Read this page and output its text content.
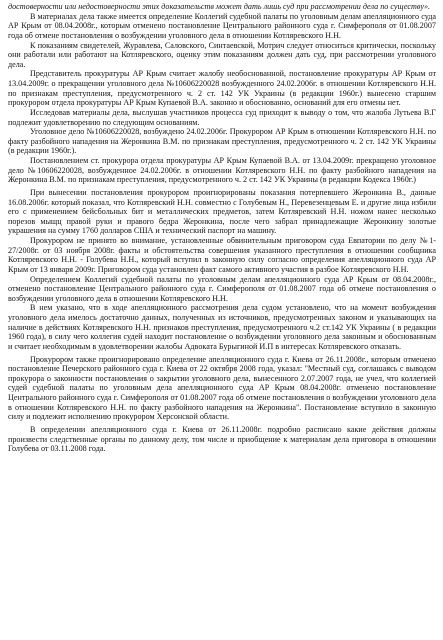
достоверности или недостоверности этих доказательств может дать лишь суд при рассмотрении дела по существу».

В материалах дела также имеется определение Коллегий судебной палаты по уголовным делам апелляционного суда АР Крым от 08.04.2008г., которым отменено постановление Центрального районного суда г. Симферополя от 01.08.2007 года об отмене постановления о возбуждении уголовного дела в отношении Котляревского Н.Н.

К показаниям свидетелей, Журавлева, Саловского, Синтаевской, Мотрич следует относиться критически, поскольку они работали или работают на Котляревского, оценку этим показаниям должен дать суд, при рассмотрении уголовного дела.

Представитель прокуратуры АР Крым считает жалобу необоснованной, постановление прокуратуры АР Крым от 13.04.2009г. о прекращении уголовного дела №10606220028 возбужденного 24.02.2006г. в отношении Котляревского Н.Н. по признакам преступления, предусмотренного ч. 2 ст. 142 УК Украины (в редакции 1960г.) вынесено старшим прокурором отдела прокуратуры АР Крым Купаевой В.А. законно и обоснованно, оснований для его отмены нет.

Исследовав материалы дела, выслушав участников процесса суд приходит к выводу о том, что жалоба Лутьева В.Г подлежит удовлетворению по следующим основаниям.

Уголовное дело №10606220028, возбуждено 24.02.2006г. Прокурором АР Крым в отношении Котляревского Н.Н. по факту разбойного нападения на Жеронкина В.М. по признакам преступления, предусмотренного ч. 2 ст. 142 УК Украины (в редакции 1960г.).

Постановлением ст. прокурора отдела прокуратуры АР Крым Купаевой В.А. от 13.04.2009г. прекращено уголовное дело №10606220028, возбужденное 24.02.2006г. в отношении Котляревского Н.Н. по факту разбойного нападения на Жеронкина В.М. по признакам преступления, предусмотренного ч. 2 ст. 142 УК Украины (в редакции Кодекса 1960г.)

При вынесении постановления прокурором проигнорированы показания потерпевшего Жеронкина В., данные 16.08.2006г. который показал, что Котляревский Н.Н. совместно с Голубевым Н., Перевезенцевым Е. и другие лица избили его с применением бейсбольных бит и металлических предметов, затем Котляревский Н.Н. ножом нанес несколько порезов мыщц правой руки и правого бедра Жеронкина, после чего забрал принадлежащие Жеронкину золотые украшения на сумму 1760 долларов США и технический паспорт на машину.

Прокурором не принято во внимание, установленные обвинительным приговором суда Евпатории по делу №1-27/2008г. от 03 ноября 2008г. факты и обстоятельства совершения указанного преступления в отношении сообщника Котляревского Н.Н. - Голубева Н.Н., который вступил в законную силу согласно определения апелляционного суда АР Крым от 13 января 2009г. Приговором суда установлен факт самого активного участия в разбое Котляревского Н.Н.

Определением Коллегий судебной палаты по уголовным делам апелляционного суда АР Крым от 08.04.2008г., отменено постановление Центрального районного суда г. Симферополя от 01.08.2007 года об отмене постановления о возбуждении уголовного дела в отношении Котляревского Н.Н.

В нем указано, что в ходе апелляционного рассмотрения дела судом установлено, что на момент возбуждения уголовного дела имелось достаточно данных, полученных из источников, предусмотренных законом и указывающих на наличие в действиях Котляревского Н.Н. признаков преступления, предусмотренного ч.2 ст.142 УК Украины ( в редакции 1960 года), в силу чего коллегия судей находит постановление о возбуждении уголовного дела законным и обоснованным и считает необходимым в удовлетворении жалобы Адвоката Бурыгиной И.П в интересах Котляревского отказать.

Прокурором также проигнорировано определение апелляционного суда г. Киева от 26.11.2008г., которым отменено постановление Печерского районного суда г. Киева от 22 октября 2008 года, указал: "Местный суд, соглашаясь с выводом прокурора о законности постановления о закрытии уголовного дела, вынесенного 2.07.2007 года, не учел, что коллегией судей судебной палаты по уголовным дела апелляционного суда АР Крым 08.04.2008г. отменено постановление Центрального районного суда г. Симферополя от 01.08.2007 года об отмене постановления о возбуждении уголовного дела в отношении Котляревского Н.Н. по факту разбойного нападения на Жеронкина". Постановление вступило в законную силу и подлежит исполнению прокурором Херсонской области.

В определении апелляционного суда г. Киева от 26.11.2008г. подробно расписано какие действия должны произвести следственные органы по данному делу, том числе и приобщение к материалам дела приговора в отношении Голубева от 03.11.2008 года.
